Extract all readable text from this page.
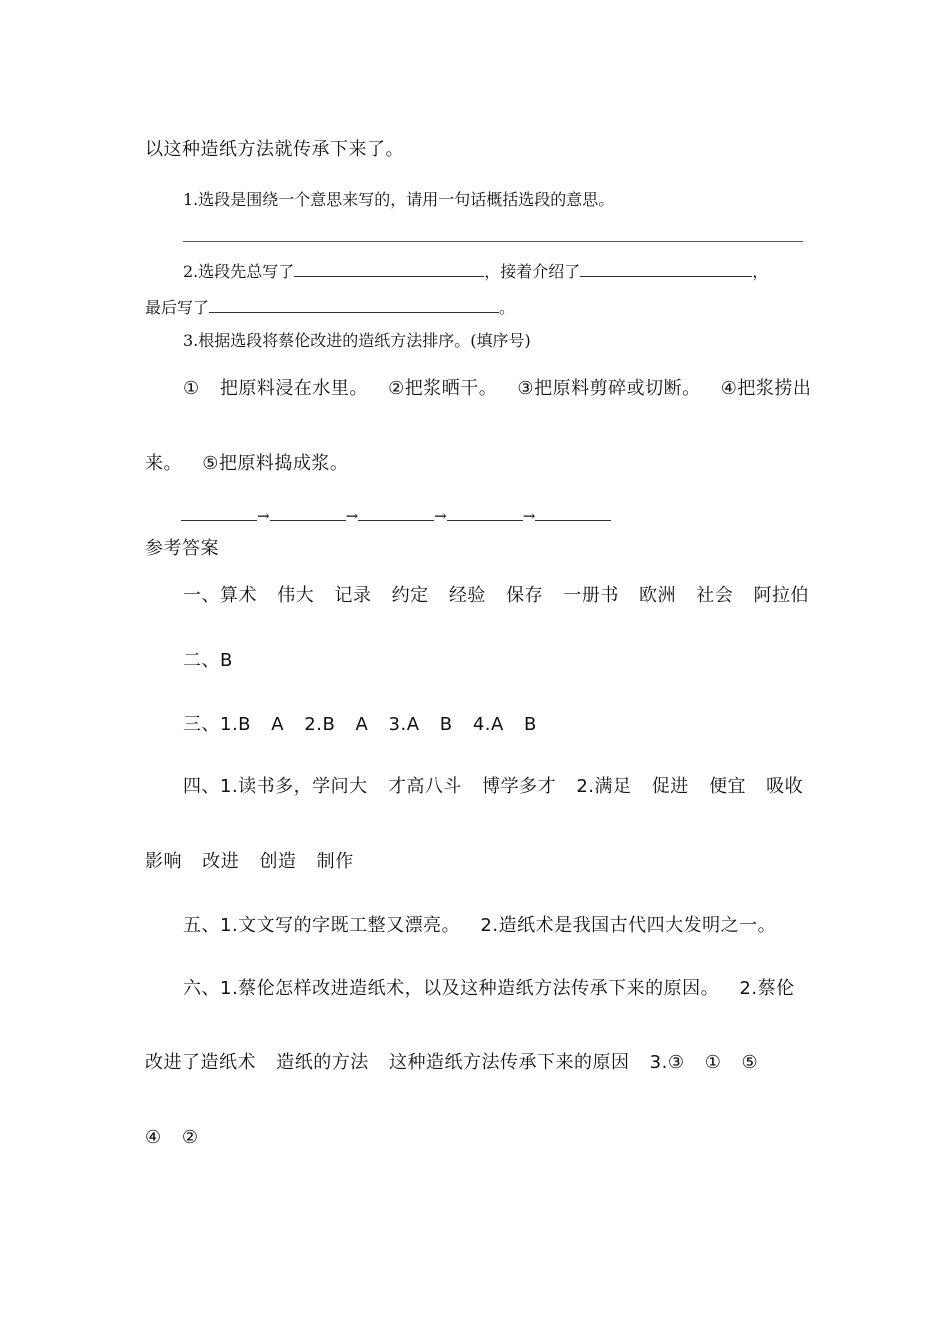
以这种造纸方法就传承下来了。
1.选段是围绕一个意思来写的，请用一句话概括选段的意思。
2.选段先总写了	，接着介绍了	，
最后写了	。
3.根据选段将蔡伦改进的造纸方法排序。(填序号)
① 把原料浸在水里。 ②把浆晒干。 ③把原料剪碎或切断。 ④把浆捞出
来。 ⑤把原料捣成浆。
→	→	→	→
参考答案
一、算术 伟大 记录 约定 经验 保存 一册书 欧洲 社会 阿拉伯
二、B
三、1.B A 2.B A 3.A B 4.A B
四、1.读书多，学问大 才高八斗 博学多才 2.满足 促进 便宜 吸收
影响 改进 创造 制作
五、1.文文写的字既工整又漂亮。 2.造纸术是我国古代四大发明之一。
六、1.蔡伦怎样改进造纸术，以及这种造纸方法传承下来的原因。 2.蔡伦
改进了造纸术 造纸的方法 这种造纸方法传承下来的原因 3.③ ① ⑤
④ ②
